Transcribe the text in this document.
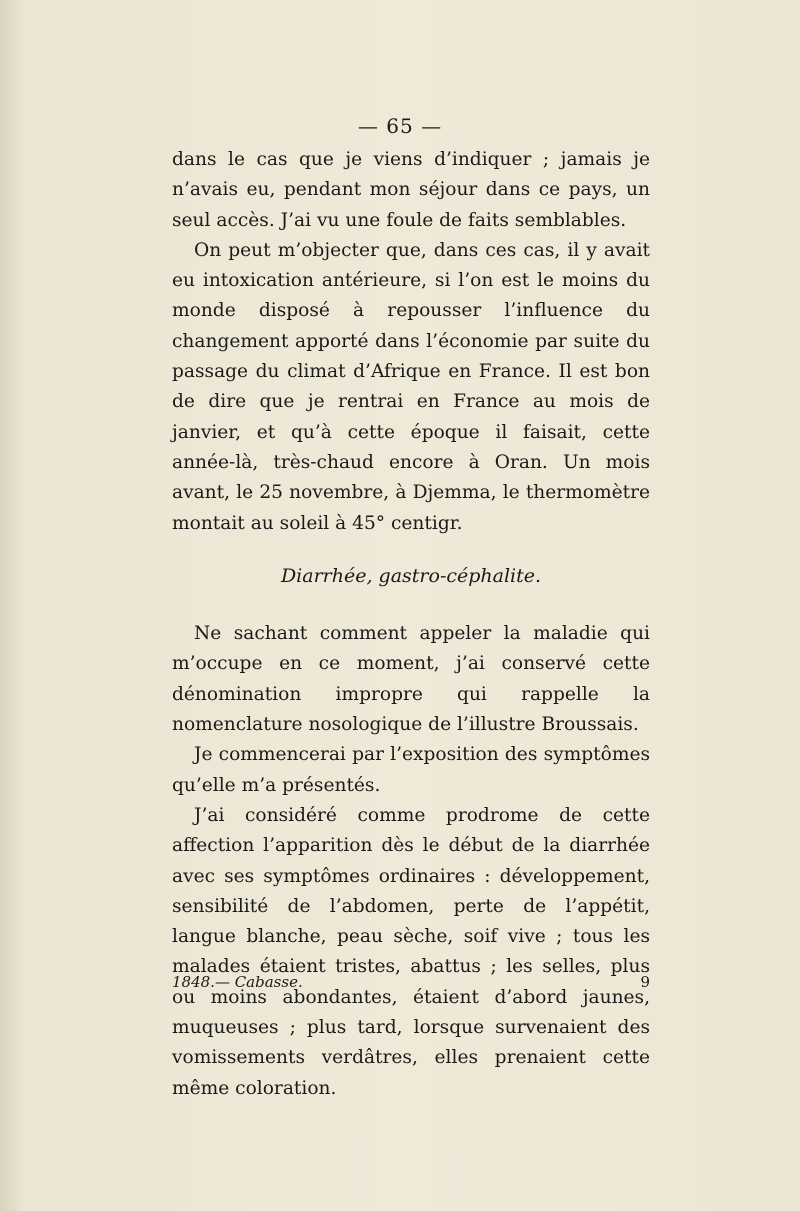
— 65 —

dans le cas que je viens d’indiquer ; jamais je n’avais eu, pendant mon séjour dans ce pays, un seul accès. J’ai vu une foule de faits semblables.

On peut m’objecter que, dans ces cas, il y avait eu intoxication antérieure, si l’on est le moins du monde disposé à repousser l’influence du changement apporté dans l’économie par suite du passage du climat d’Afrique en France. Il est bon de dire que je rentrai en France au mois de janvier, et qu’à cette époque il faisait, cette année-là, très-chaud encore à Oran. Un mois avant, le 25 novembre, à Djemma, le thermomètre montait au soleil à 45° centigr.

Diarrhée, gastro-céphalite.

Ne sachant comment appeler la maladie qui m’occupe en ce moment, j’ai conservé cette dénomination impropre qui rappelle la nomenclature nosologique de l’illustre Broussais.

Je commencerai par l’exposition des symptômes qu’elle m’a présentés.

J’ai considéré comme prodrome de cette affection l’apparition dès le début de la diarrhée avec ses symptômes ordinaires : développement, sensibilité de l’abdomen, perte de l’appétit, langue blanche, peau sèche, soif vive ; tous les malades étaient tristes, abattus ; les selles, plus ou moins abondantes, étaient d’abord jaunes, muqueuses ; plus tard, lorsque survenaient des vomissements verdâtres, elles prenaient cette même coloration.

1848.— Cabasse.	9
